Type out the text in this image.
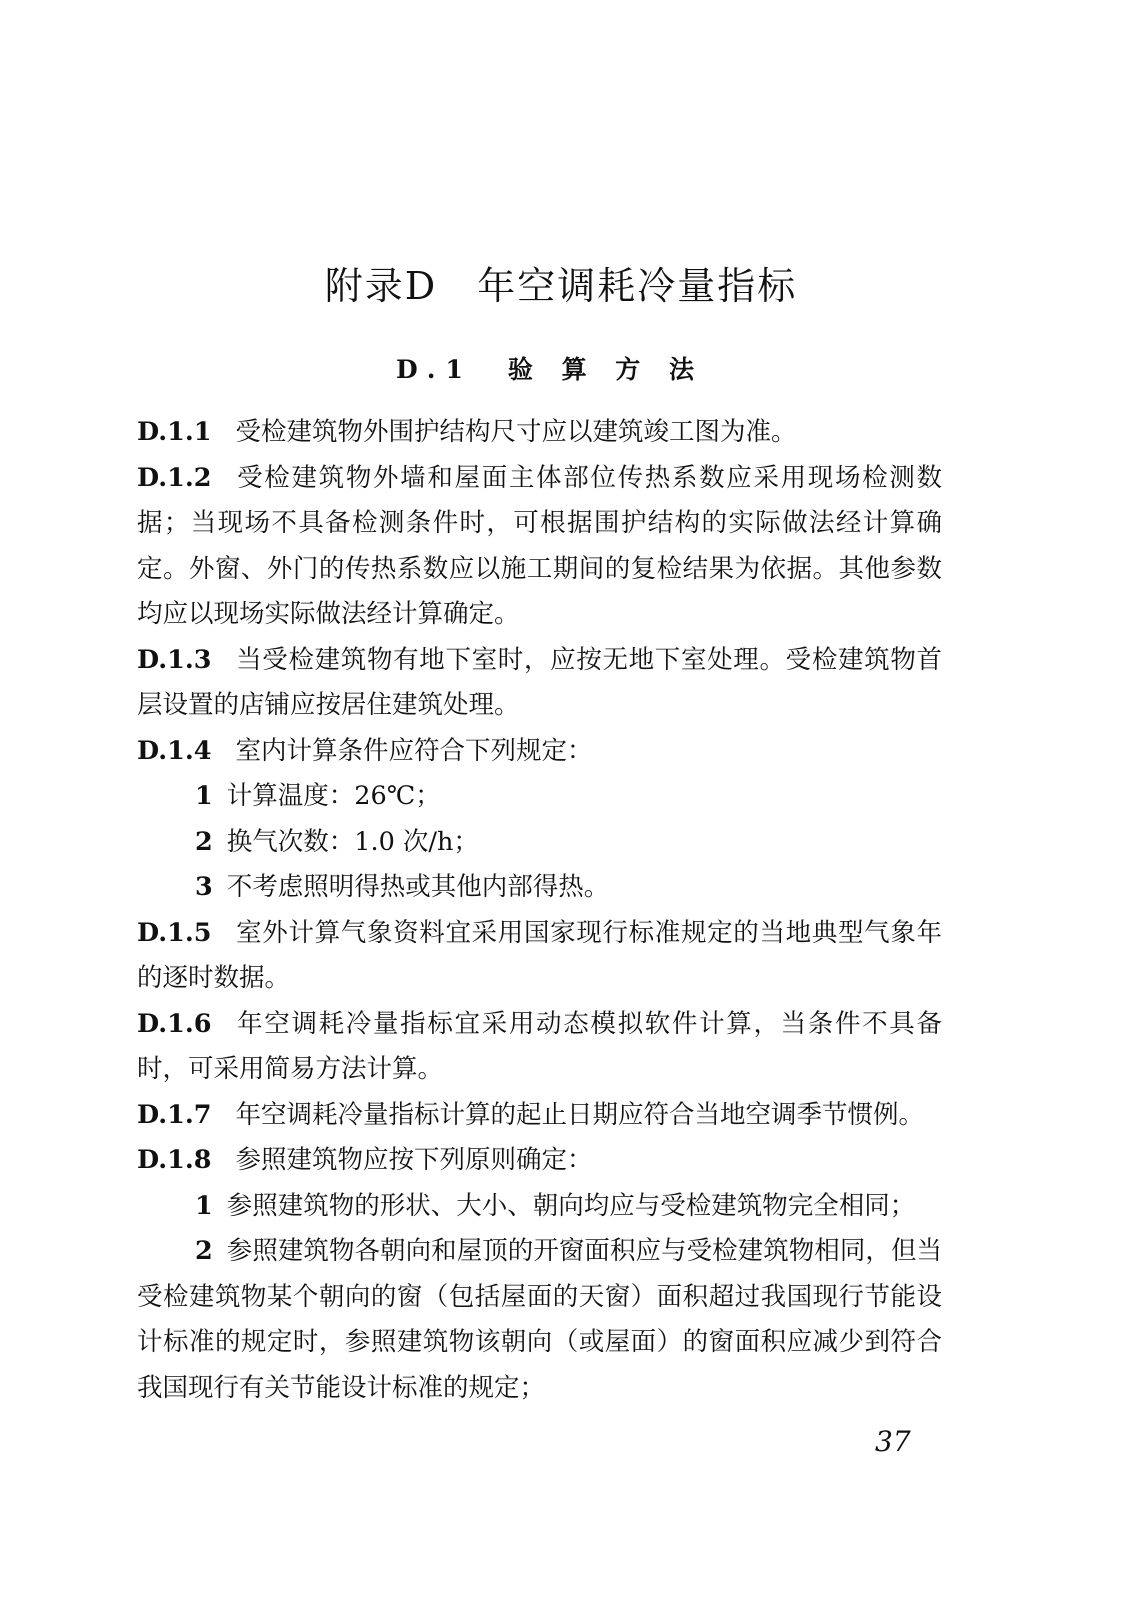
附录D　年空调耗冷量指标
D.1　验 算 方 法

D.1.1 受检建筑物外围护结构尺寸应以建筑竣工图为准。

D.1.2 受检建筑物外墙和屋面主体部位传热系数应采用现场检测数据；当现场不具备检测条件时，可根据围护结构的实际做法经计算确定。外窗、外门的传热系数应以施工期间的复检结果为依据。其他参数均应以现场实际做法经计算确定。

D.1.3 当受检建筑物有地下室时，应按无地下室处理。受检建筑物首层设置的店铺应按居住建筑处理。

D.1.4 室内计算条件应符合下列规定：

1 计算温度：26℃；

2 换气次数：1.0 次/h；

3 不考虑照明得热或其他内部得热。

D.1.5 室外计算气象资料宜采用国家现行标准规定的当地典型气象年的逐时数据。

D.1.6 年空调耗冷量指标宜采用动态模拟软件计算，当条件不具备时，可采用简易方法计算。

D.1.7 年空调耗冷量指标计算的起止日期应符合当地空调季节惯例。

D.1.8 参照建筑物应按下列原则确定：

1 参照建筑物的形状、大小、朝向均应与受检建筑物完全相同；

2 参照建筑物各朝向和屋顶的开窗面积应与受检建筑物相同，但当受检建筑物某个朝向的窗（包括屋面的天窗）面积超过我国现行节能设计标准的规定时，参照建筑物该朝向（或屋面）的窗面积应减少到符合我国现行有关节能设计标准的规定；

37
